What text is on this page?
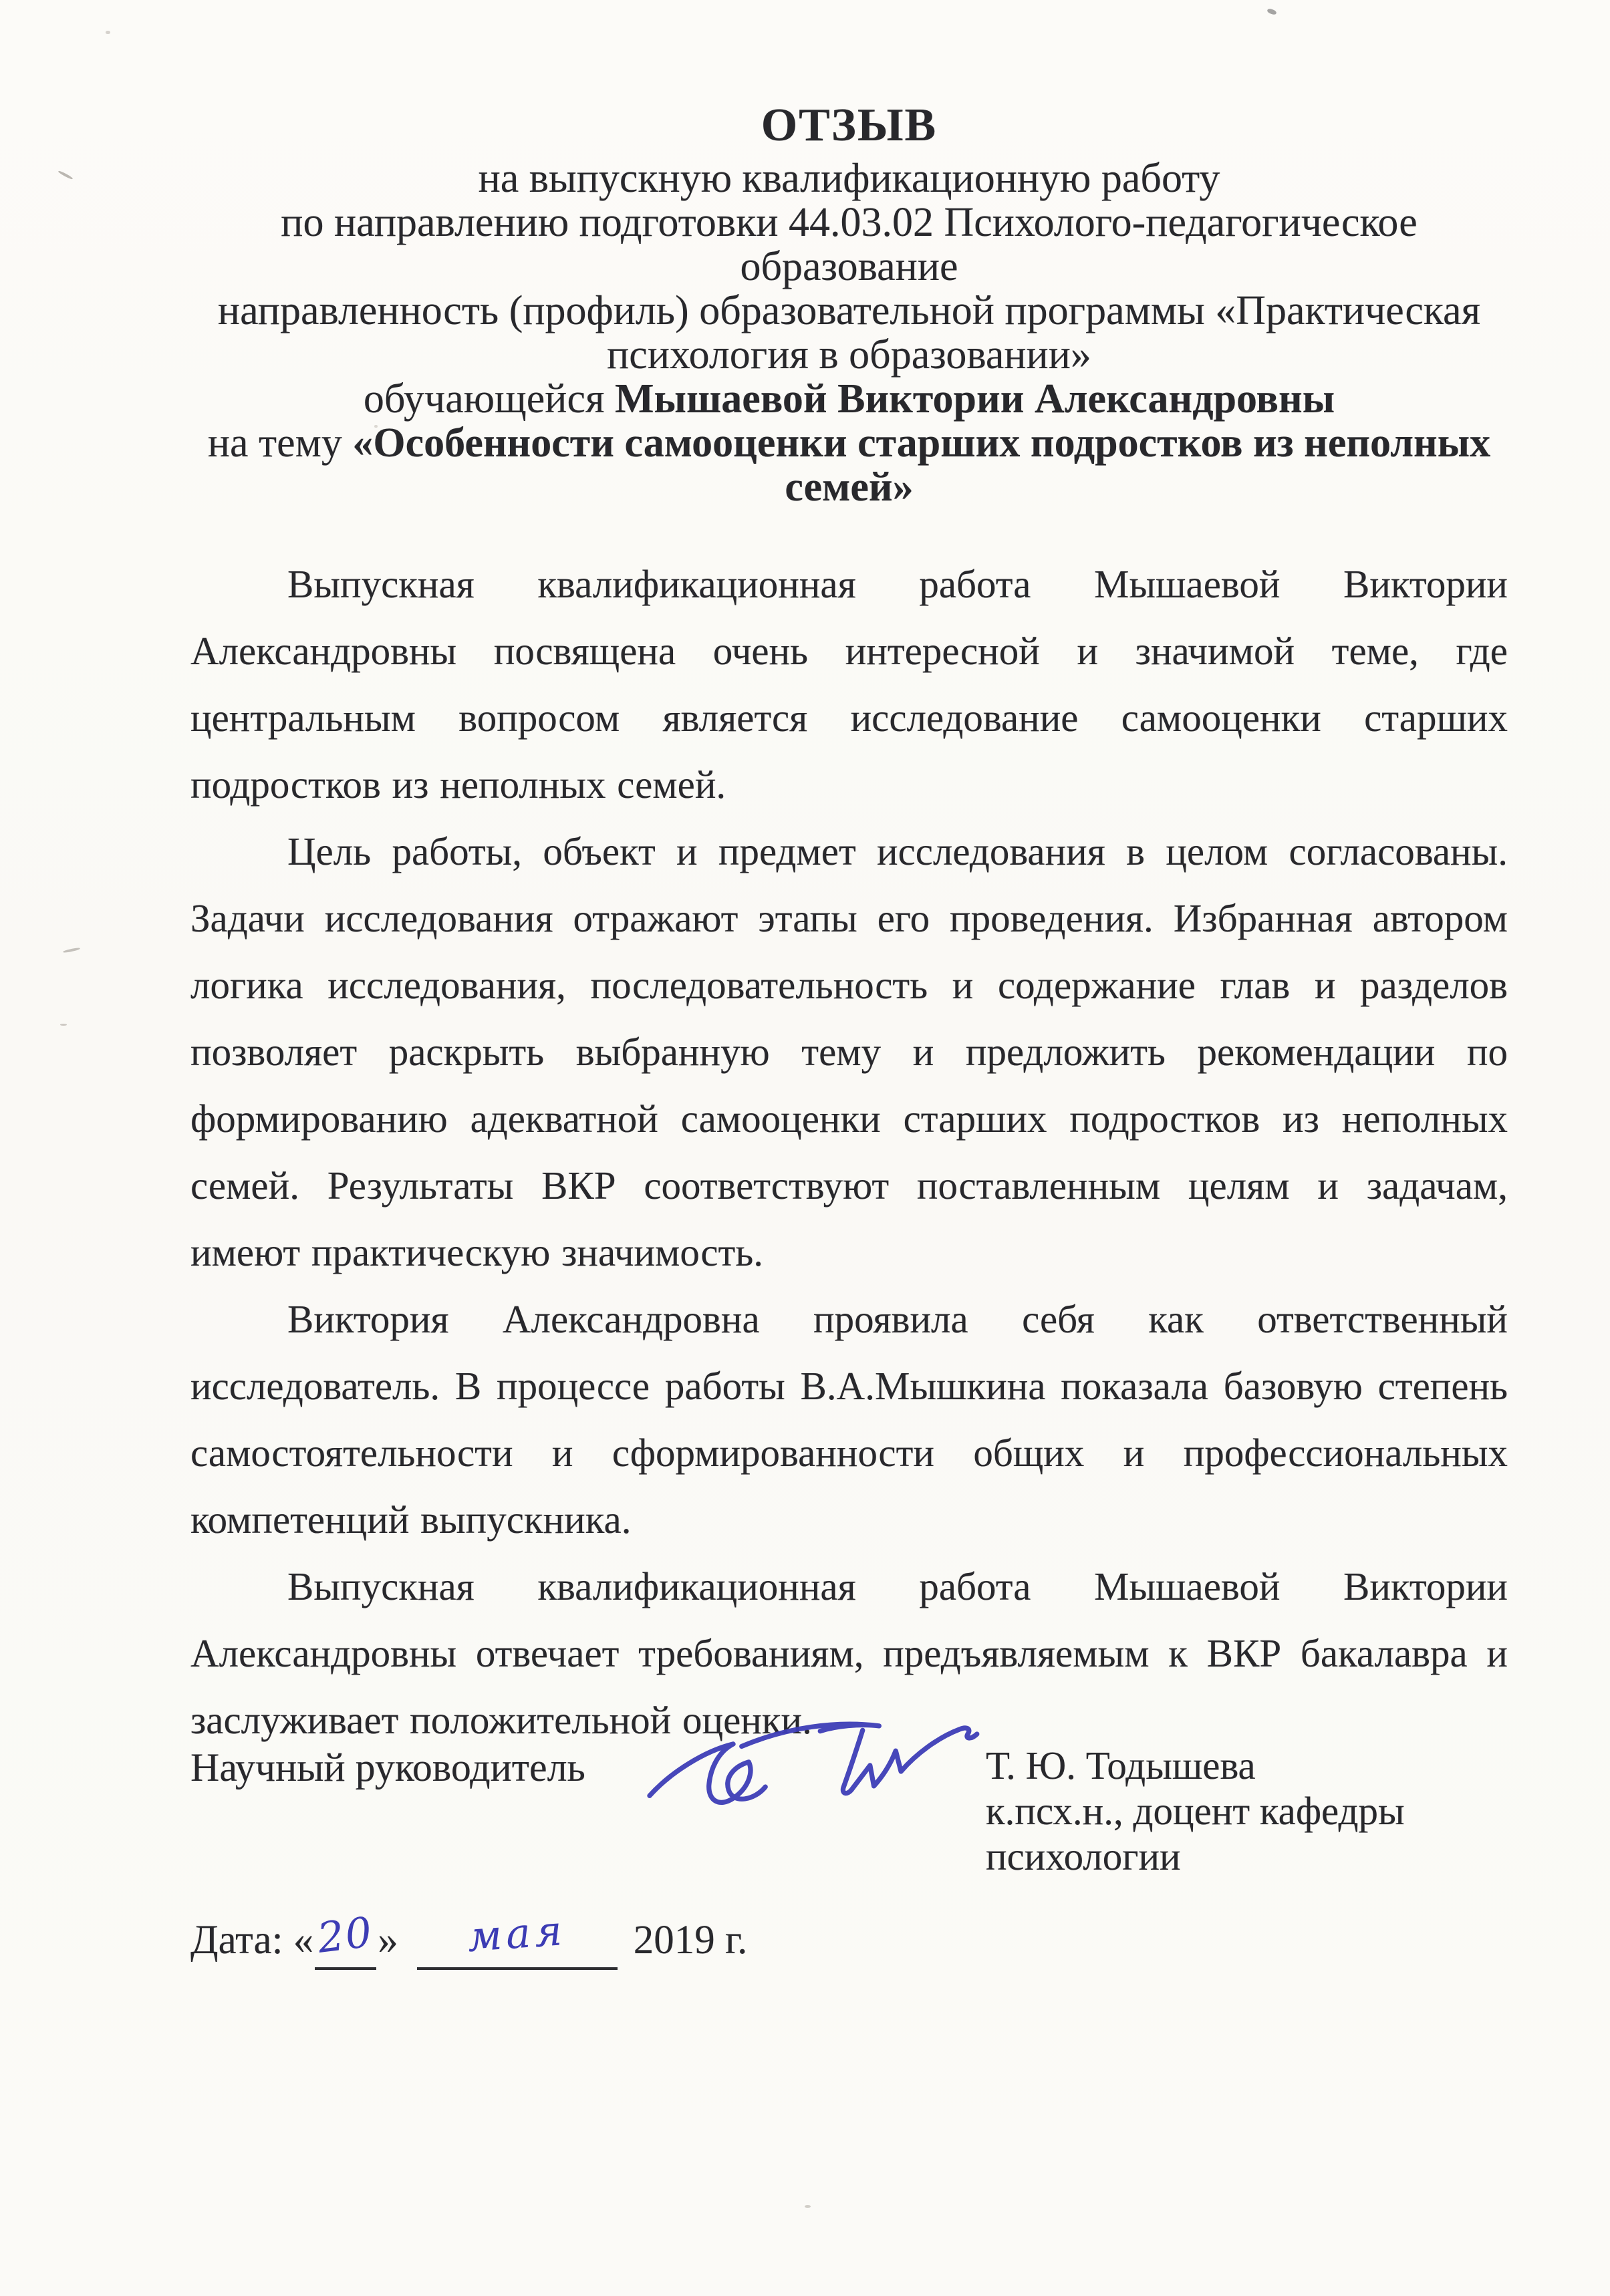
ОТЗЫВ
на выпускную квалификационную работу
по направлению подготовки 44.03.02 Психолого-педагогическое образование
направленность (профиль) образовательной программы «Практическая
психология в образовании»
обучающейся Мышаевой Виктории Александровны
на тему «Особенности самооценки старших подростков из неполных семей»

Выпускная квалификационная работа Мышаевой Виктории Александровны посвящена очень интересной и значимой теме, где центральным вопросом является исследование самооценки старших подростков из неполных семей.

Цель работы, объект и предмет исследования в целом согласованы. Задачи исследования отражают этапы его проведения. Избранная автором логика исследования, последовательность и содержание глав и разделов позволяет раскрыть выбранную тему и предложить рекомендации по формированию адекватной самооценки старших подростков из неполных семей. Результаты ВКР соответствуют поставленным целям и задачам, имеют практическую значимость.

Виктория Александровна проявила себя как ответственный исследователь. В процессе работы В.А.Мышкина показала базовую степень самостоятельности и сформированности общих и профессиональных компетенций выпускника.

Выпускная квалификационная работа Мышаевой Виктории Александровны отвечает требованиям, предъявляемым к ВКР бакалавра и заслуживает положительной оценки.

Научный руководитель	Т. Ю. Тодышева
к.псх.н., доцент кафедры
психологии
Дата: «20» мая 2019 г.
